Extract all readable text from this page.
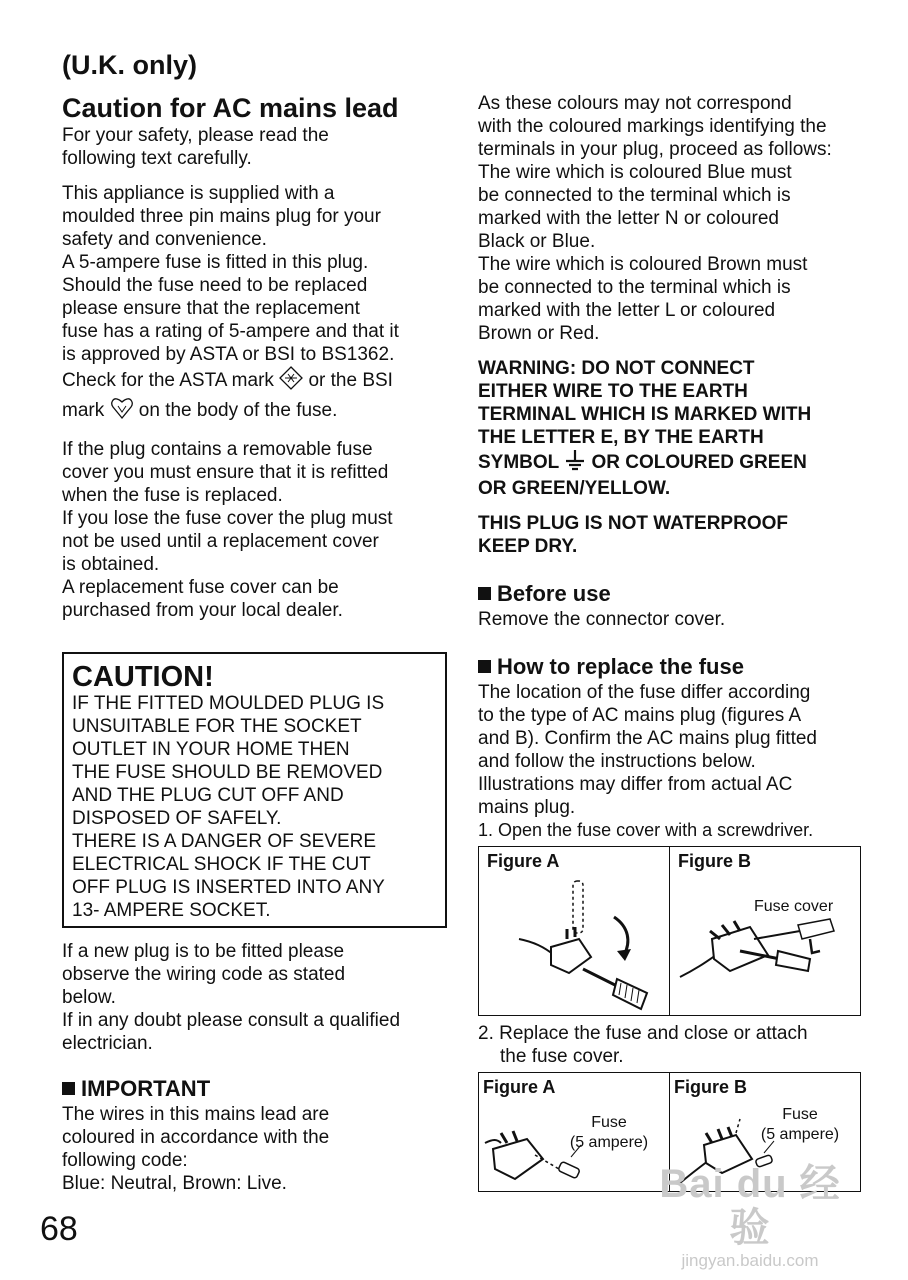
(U.K. only)
Caution for AC mains lead

For your safety, please read the

following text carefully.

This appliance is supplied with a

moulded three pin mains plug for your

safety and convenience.

A 5-ampere fuse is fitted in this plug.

Should the fuse need to be replaced

please ensure that the replacement

fuse has a rating of 5-ampere and that it

is approved by ASTA or BSI to BS1362.

Check for the ASTA mark or the BSI

mark on the body of the fuse.

If the plug contains a removable fuse

cover you must ensure that it is refitted

when the fuse is replaced.

If you lose the fuse cover the plug must

not be used until a replacement cover

is obtained.

A replacement fuse cover can be

purchased from your local dealer.

CAUTION!
IF THE FITTED MOULDED PLUG IS
UNSUITABLE FOR THE SOCKET
OUTLET IN YOUR HOME THEN
THE FUSE SHOULD BE REMOVED
AND THE PLUG CUT OFF AND
DISPOSED OF SAFELY.
THERE IS A DANGER OF SEVERE
ELECTRICAL SHOCK IF THE CUT
OFF PLUG IS INSERTED INTO ANY
13- AMPERE SOCKET.

If a new plug is to be fitted please

observe the wiring code as stated

below.

If in any doubt please consult a qualified

electrician.

IMPORTANT

The wires in this mains lead are

coloured in accordance with the

following code:

Blue: Neutral, Brown: Live.

As these colours may not correspond

with the coloured markings identifying the

terminals in your plug, proceed as follows:

The wire which is coloured Blue must

be connected to the terminal which is

marked with the letter N or coloured

Black or Blue.

The wire which is coloured Brown must

be connected to the terminal which is

marked with the letter L or coloured

Brown or Red.

WARNING: DO NOT CONNECT
EITHER WIRE TO THE EARTH
TERMINAL WHICH IS MARKED WITH
THE LETTER E, BY THE EARTH
SYMBOL OR COLOURED GREEN
OR GREEN/YELLOW.
THIS PLUG IS NOT WATERPROOF
KEEP DRY.
Before use

Remove the connector cover.

How to replace the fuse

The location of the fuse differ according

to the type of AC mains plug (figures A

and B). Confirm the AC mains plug fitted

and follow the instructions below.

Illustrations may differ from actual AC

mains plug.

1. Open the fuse cover with a screwdriver.
Figure A	Figure B
Fuse cover
2. Replace the fuse and close or attach
the fuse cover.
Figure A
Fuse
(5 ampere)
Figure B
Fuse
(5 ampere)
68
Bai du 经验
jingyan.baidu.com
